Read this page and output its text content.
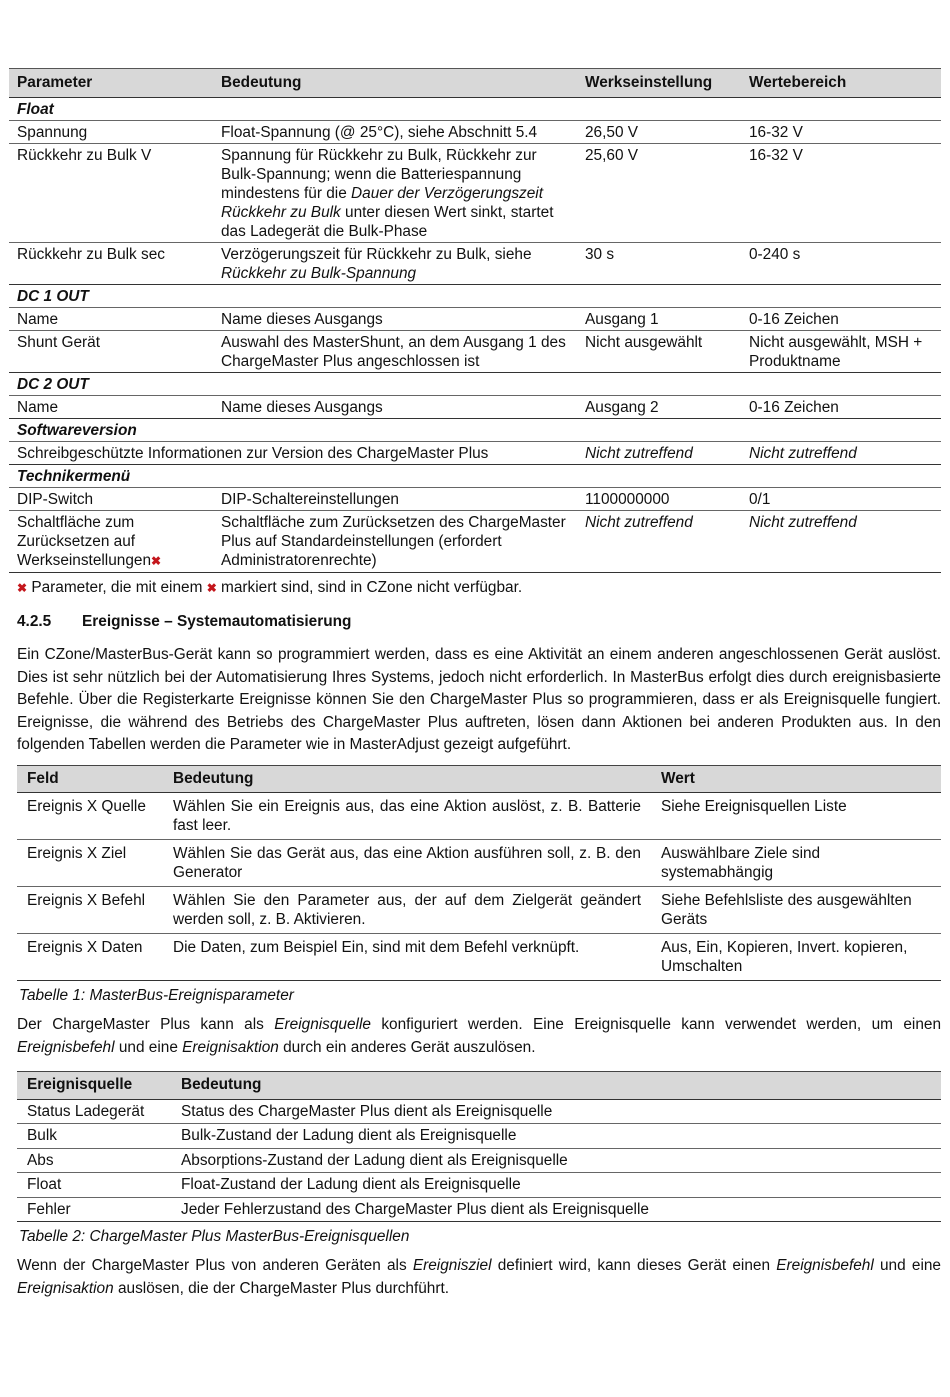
Parameter	Bedeutung	Werkseinstellung	Wertebereich
Float			
Spannung	Float-Spannung (@ 25°C), siehe Abschnitt 5.4	26,50 V	16-32 V
Rückkehr zu Bulk V	Spannung für Rückkehr zu Bulk, Rückkehr zur Bulk-Spannung; wenn die Batteriespannung mindestens für die Dauer der Verzögerungszeit Rückkehr zu Bulk unter diesen Wert sinkt, startet das Ladegerät die Bulk-Phase	25,60 V	16-32 V
Rückkehr zu Bulk sec	Verzögerungszeit für Rückkehr zu Bulk, siehe Rückkehr zu Bulk-Spannung	30 s	0-240 s
DC 1 OUT			
Name	Name dieses Ausgangs	Ausgang 1	0-16 Zeichen
Shunt Gerät	Auswahl des MasterShunt, an dem Ausgang 1 des ChargeMaster Plus angeschlossen ist	Nicht ausgewählt	Nicht ausgewählt, MSH + Produktname
DC 2 OUT			
Name	Name dieses Ausgangs	Ausgang 2	0-16 Zeichen
Softwareversion			
Schreibgeschützte Informationen zur Version des ChargeMaster Plus		Nicht zutreffend	Nicht zutreffend
Technikermenü			
DIP-Switch	DIP-Schaltereinstellungen	1100000000	0/1
Schaltfläche zum Zurücksetzen auf Werkseinstellungen✖	Schaltfläche zum Zurücksetzen des ChargeMaster Plus auf Standardeinstellungen (erfordert Administratorenrechte)	Nicht zutreffend	Nicht zutreffend
✖ Parameter, die mit einem ✖ markiert sind, sind in CZone nicht verfügbar.
4.2.5 Ereignisse – Systemautomatisierung

Ein CZone/MasterBus-Gerät kann so programmiert werden, dass es eine Aktivität an einem anderen angeschlossenen Gerät auslöst. Dies ist sehr nützlich bei der Automatisierung Ihres Systems, jedoch nicht erforderlich. In MasterBus erfolgt dies durch ereignisbasierte Befehle. Über die Registerkarte Ereignisse können Sie den ChargeMaster Plus so programmieren, dass er als Ereignisquelle fungiert. Ereignisse, die während des Betriebs des ChargeMaster Plus auftreten, lösen dann Aktionen bei anderen Produkten aus. In den folgenden Tabellen werden die Parameter wie in MasterAdjust gezeigt aufgeführt.

Feld	Bedeutung	Wert
Ereignis X Quelle	Wählen Sie ein Ereignis aus, das eine Aktion auslöst, z. B. Batterie fast leer.	Siehe Ereignisquellen Liste
Ereignis X Ziel	Wählen Sie das Gerät aus, das eine Aktion ausführen soll, z. B. den Generator	Auswählbare Ziele sind systemabhängig
Ereignis X Befehl	Wählen Sie den Parameter aus, der auf dem Zielgerät geändert werden soll, z. B. Aktivieren.	Siehe Befehlsliste des ausgewählten Geräts
Ereignis X Daten	Die Daten, zum Beispiel Ein, sind mit dem Befehl verknüpft.	Aus, Ein, Kopieren, Invert. kopieren, Umschalten
Tabelle 1: MasterBus-Ereignisparameter

Der ChargeMaster Plus kann als Ereignisquelle konfiguriert werden. Eine Ereignisquelle kann verwendet werden, um einen Ereignisbefehl und eine Ereignisaktion durch ein anderes Gerät auszulösen.

Ereignisquelle	Bedeutung
Status Ladegerät	Status des ChargeMaster Plus dient als Ereignisquelle
Bulk	Bulk-Zustand der Ladung dient als Ereignisquelle
Abs	Absorptions-Zustand der Ladung dient als Ereignisquelle
Float	Float-Zustand der Ladung dient als Ereignisquelle
Fehler	Jeder Fehlerzustand des ChargeMaster Plus dient als Ereignisquelle
Tabelle 2: ChargeMaster Plus MasterBus-Ereignisquellen

Wenn der ChargeMaster Plus von anderen Geräten als Ereignisziel definiert wird, kann dieses Gerät einen Ereignisbefehl und eine Ereignisaktion auslösen, die der ChargeMaster Plus durchführt.
